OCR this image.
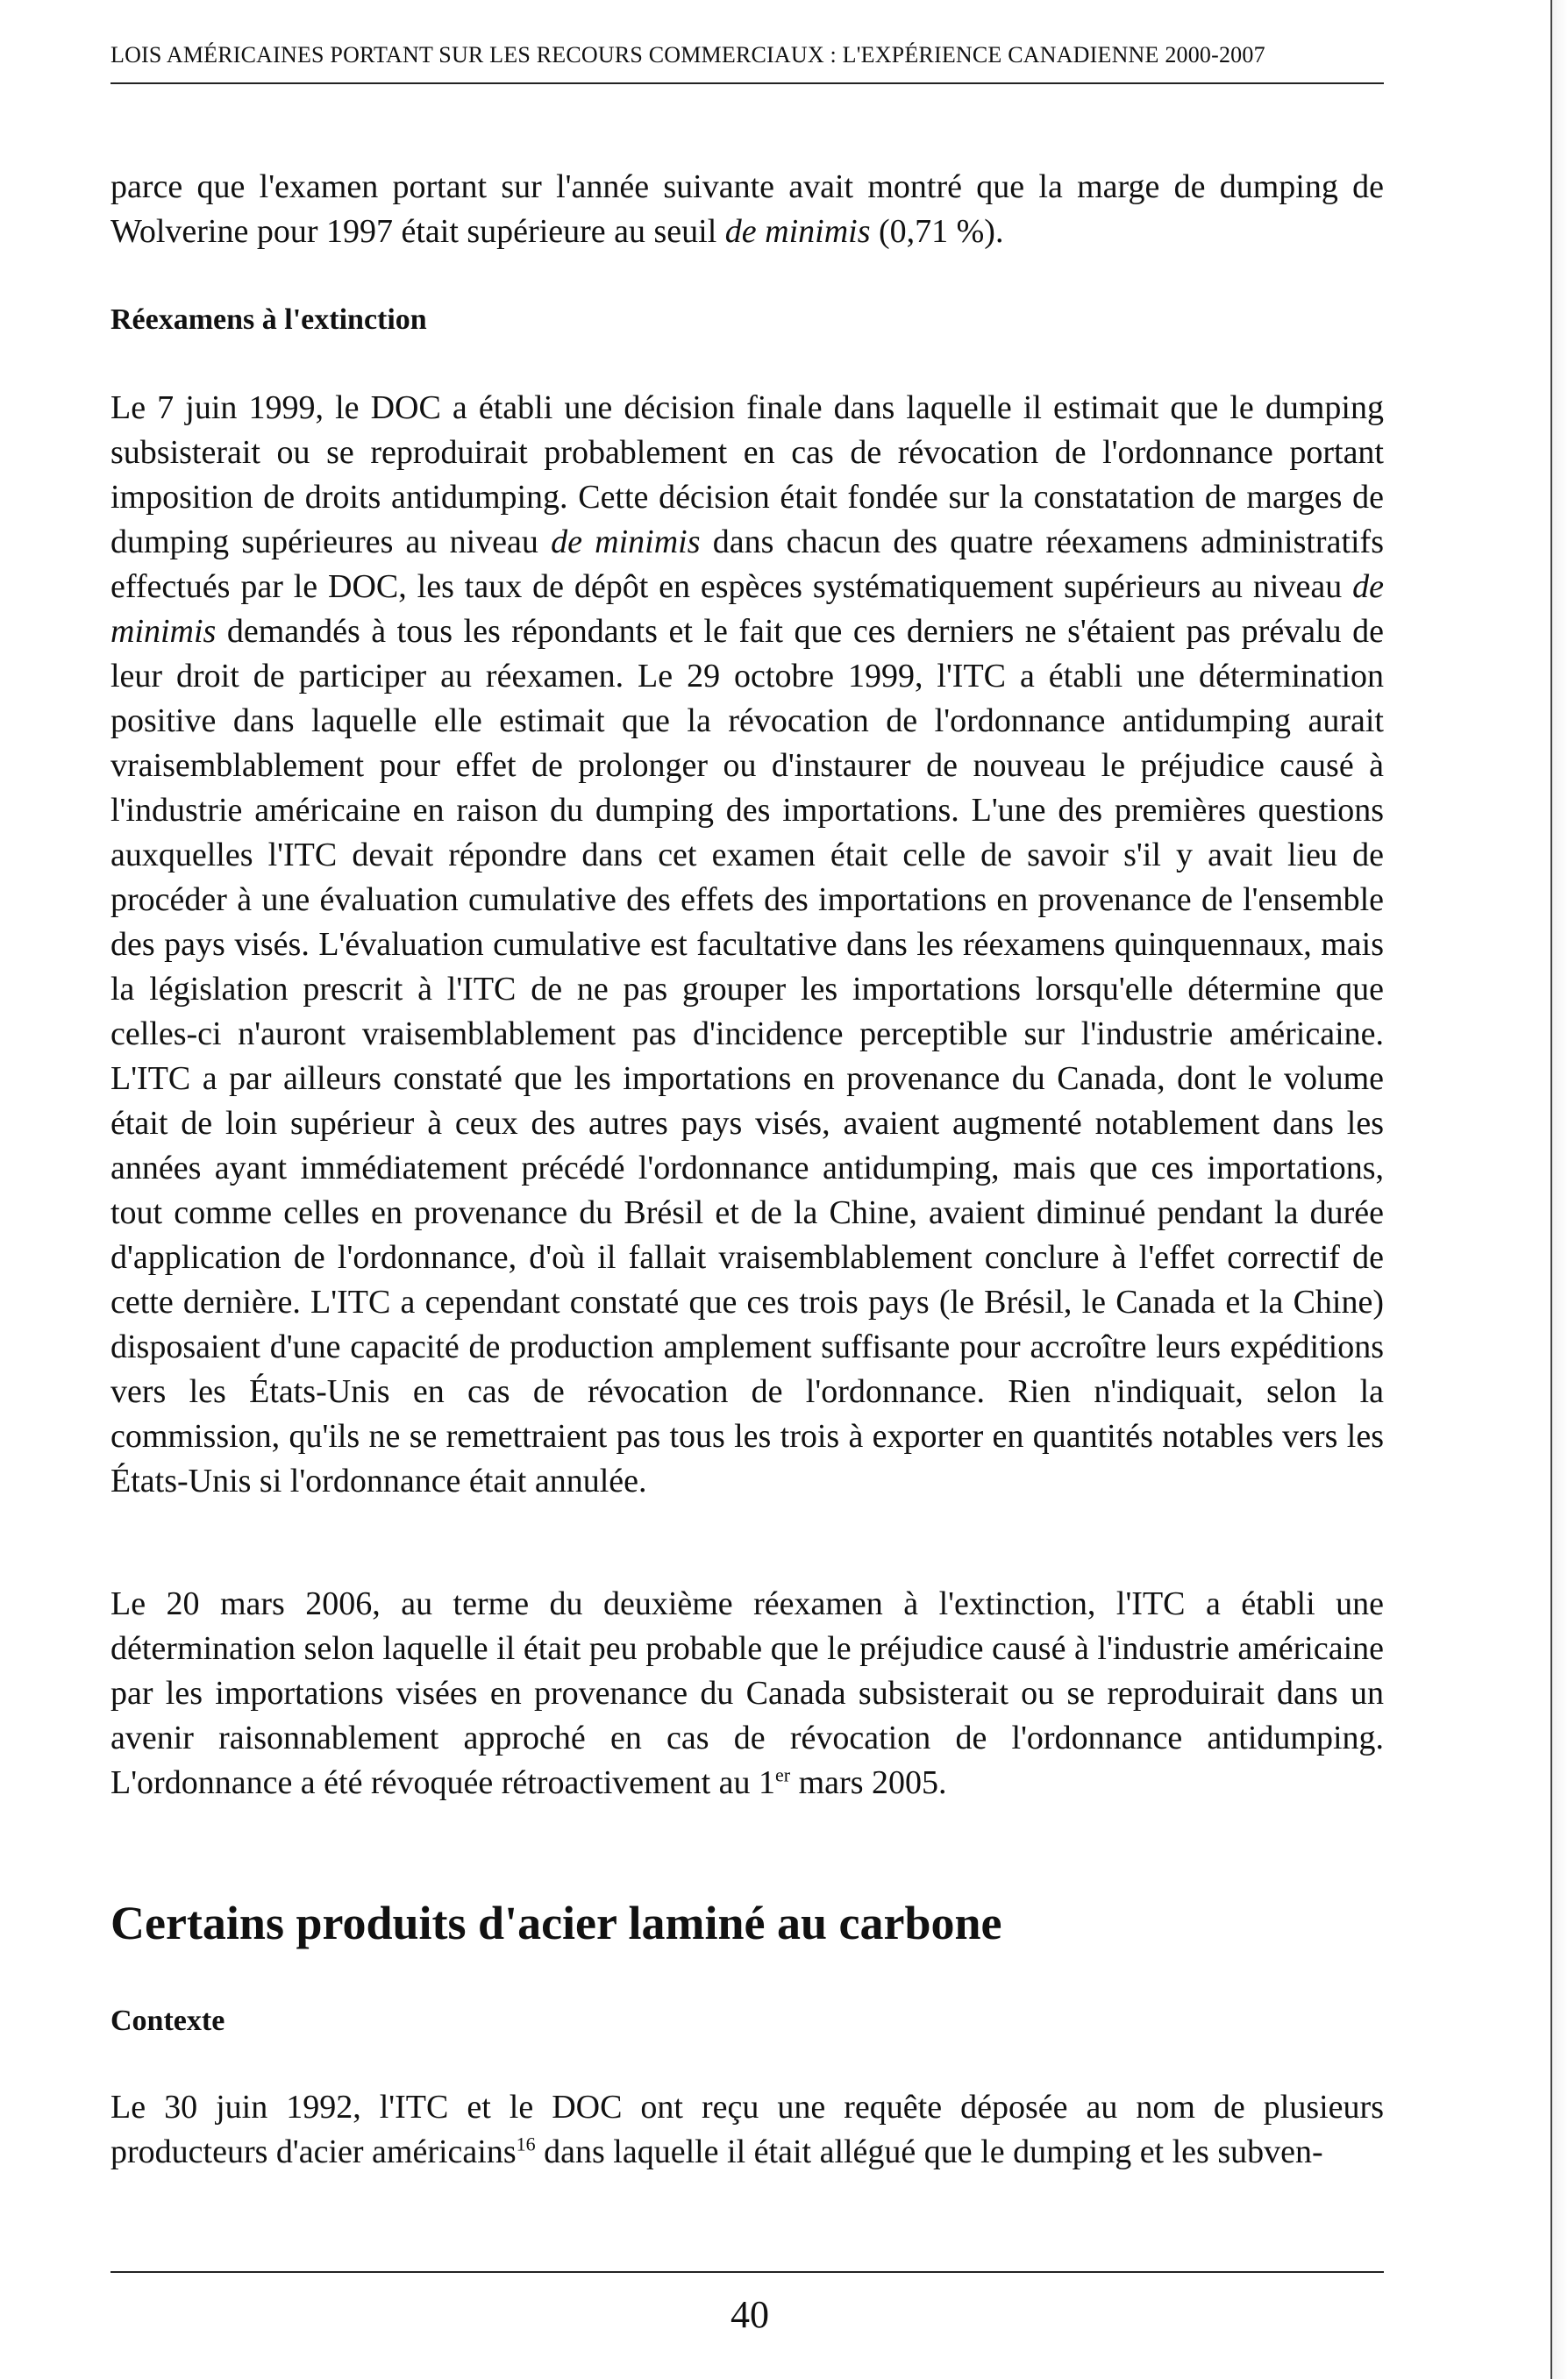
LOIS AMÉRICAINES PORTANT SUR LES RECOURS COMMERCIAUX : L'EXPÉRIENCE CANADIENNE 2000-2007

parce que l'examen portant sur l'année suivante avait montré que la marge de dumping de Wolverine pour 1997 était supérieure au seuil de minimis (0,71 %).

Réexamens à l'extinction

Le 7 juin 1999, le DOC a établi une décision finale dans laquelle il estimait que le dumping subsisterait ou se reproduirait probablement en cas de révocation de l'ordonnance portant imposition de droits antidumping. Cette décision était fondée sur la constatation de marges de dumping supérieures au niveau de minimis dans chacun des quatre réexamens administratifs effectués par le DOC, les taux de dépôt en espèces systématiquement supérieurs au niveau de minimis demandés à tous les répondants et le fait que ces derniers ne s'étaient pas prévalu de leur droit de participer au réexamen. Le 29 octobre 1999, l'ITC a établi une détermination positive dans laquelle elle estimait que la révocation de l'ordonnance antidumping aurait vraisemblablement pour effet de prolonger ou d'instaurer de nouveau le préjudice causé à l'industrie américaine en raison du dumping des importations. L'une des premières questions auxquelles l'ITC devait répondre dans cet examen était celle de savoir s'il y avait lieu de procéder à une évaluation cumulative des effets des importations en provenance de l'ensemble des pays visés. L'évaluation cumulative est facultative dans les réexamens quinquennaux, mais la législation prescrit à l'ITC de ne pas grouper les importations lorsqu'elle détermine que celles-ci n'auront vraisemblablement pas d'incidence perceptible sur l'industrie américaine. L'ITC a par ailleurs constaté que les importations en provenance du Canada, dont le volume était de loin supérieur à ceux des autres pays visés, avaient augmenté notablement dans les années ayant immédiatement précédé l'ordonnance antidumping, mais que ces importations, tout comme celles en provenance du Brésil et de la Chine, avaient diminué pendant la durée d'application de l'ordonnance, d'où il fallait vraisemblablement conclure à l'effet correctif de cette dernière. L'ITC a cependant constaté que ces trois pays (le Brésil, le Canada et la Chine) disposaient d'une capacité de production amplement suffisante pour accroître leurs expéditions vers les États-Unis en cas de révocation de l'ordonnance. Rien n'indiquait, selon la commission, qu'ils ne se remettraient pas tous les trois à exporter en quantités notables vers les États-Unis si l'ordonnance était annulée.

Le 20 mars 2006, au terme du deuxième réexamen à l'extinction, l'ITC a établi une détermination selon laquelle il était peu probable que le préjudice causé à l'industrie américaine par les importations visées en provenance du Canada subsisterait ou se reproduirait dans un avenir raisonnablement approché en cas de révocation de l'ordonnance antidumping. L'ordonnance a été révoquée rétroactivement au 1er mars 2005.

Certains produits d'acier laminé au carbone
Contexte

Le 30 juin 1992, l'ITC et le DOC ont reçu une requête déposée au nom de plusieurs producteurs d'acier américains$^{16}$ dans laquelle il était allégué que le dumping et les subven-

40
